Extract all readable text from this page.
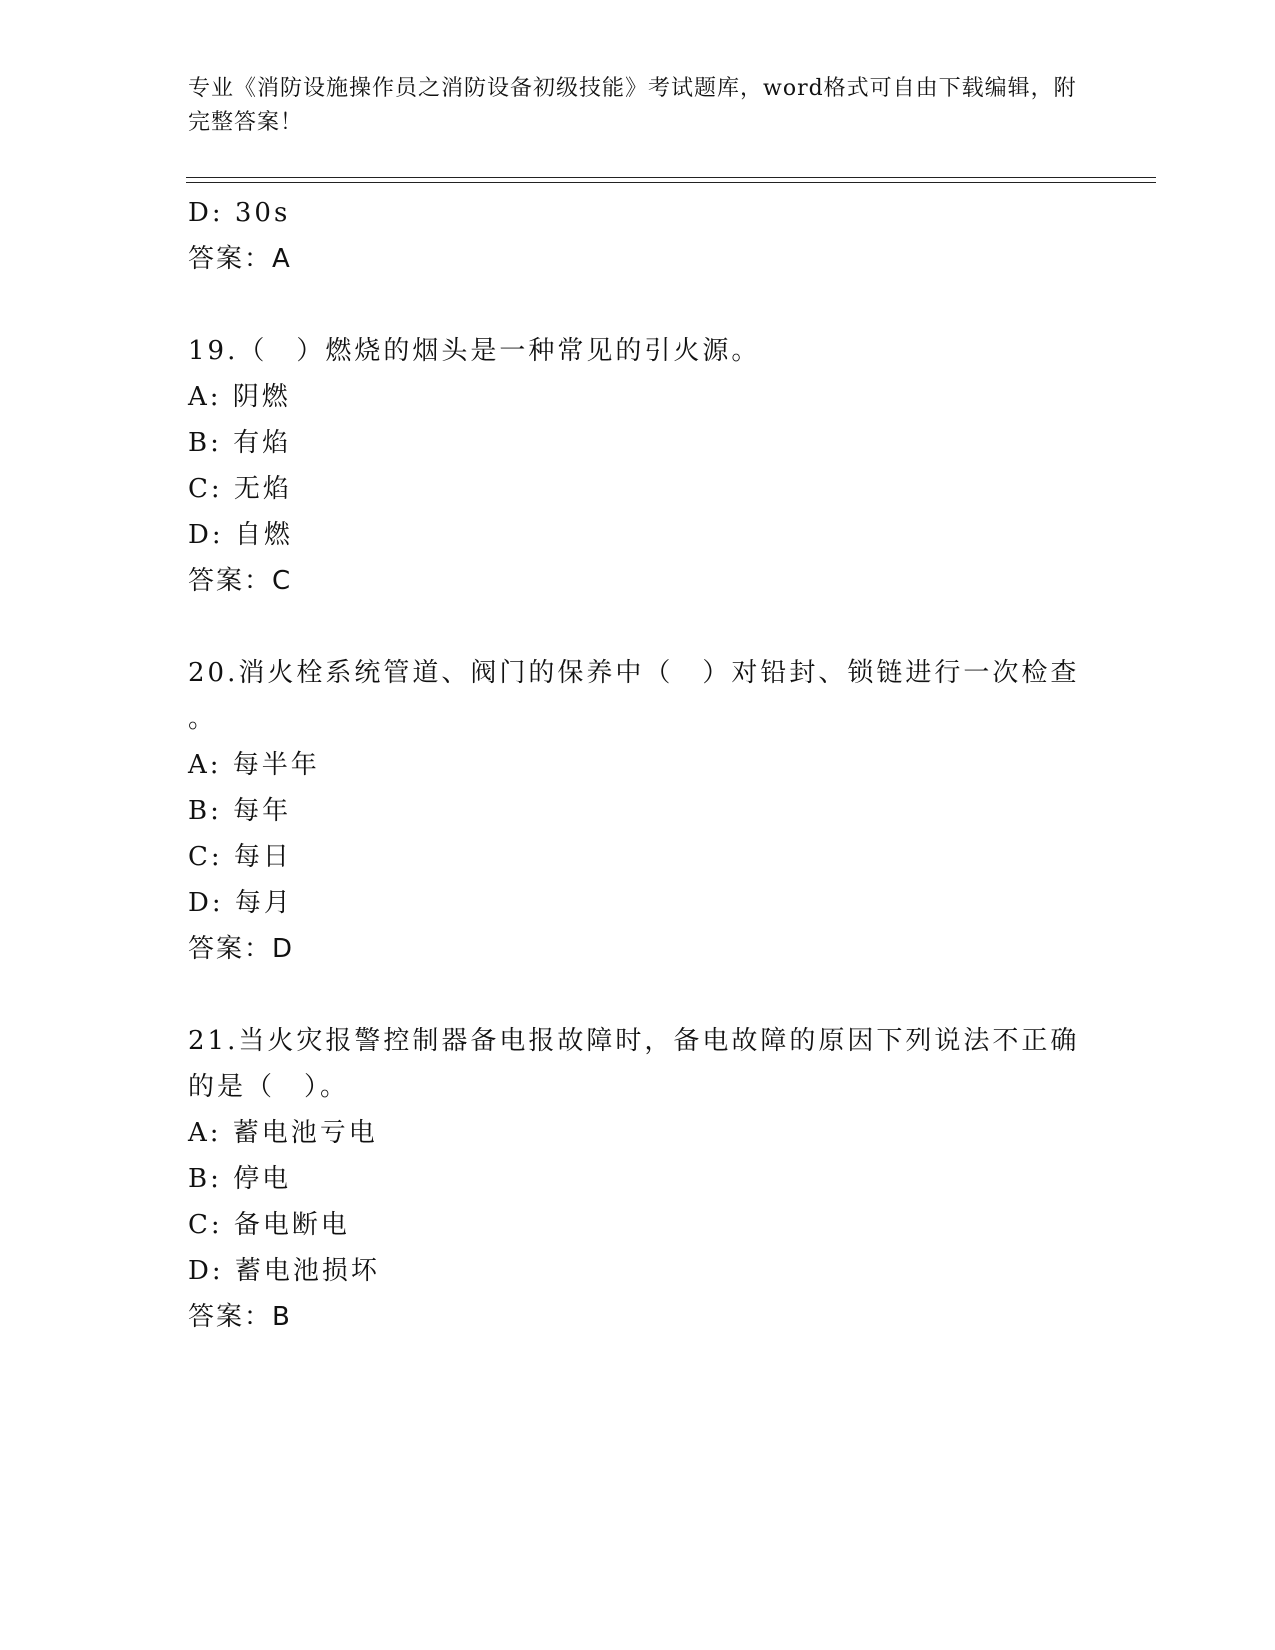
专业《消防设施操作员之消防设备初级技能》考试题库，word格式可自由下载编辑，附完整答案！
D: 30s
答案：A
19.（　）燃烧的烟头是一种常见的引火源。
A: 阴燃
B: 有焰
C: 无焰
D: 自燃
答案：C
20.消火栓系统管道、阀门的保养中（　）对铅封、锁链进行一次检查
。
A: 每半年
B: 每年
C: 每日
D: 每月
答案：D
21.当火灾报警控制器备电报故障时，备电故障的原因下列说法不正确
的是（　）。
A: 蓄电池亏电
B: 停电
C: 备电断电
D: 蓄电池损坏
答案：B
